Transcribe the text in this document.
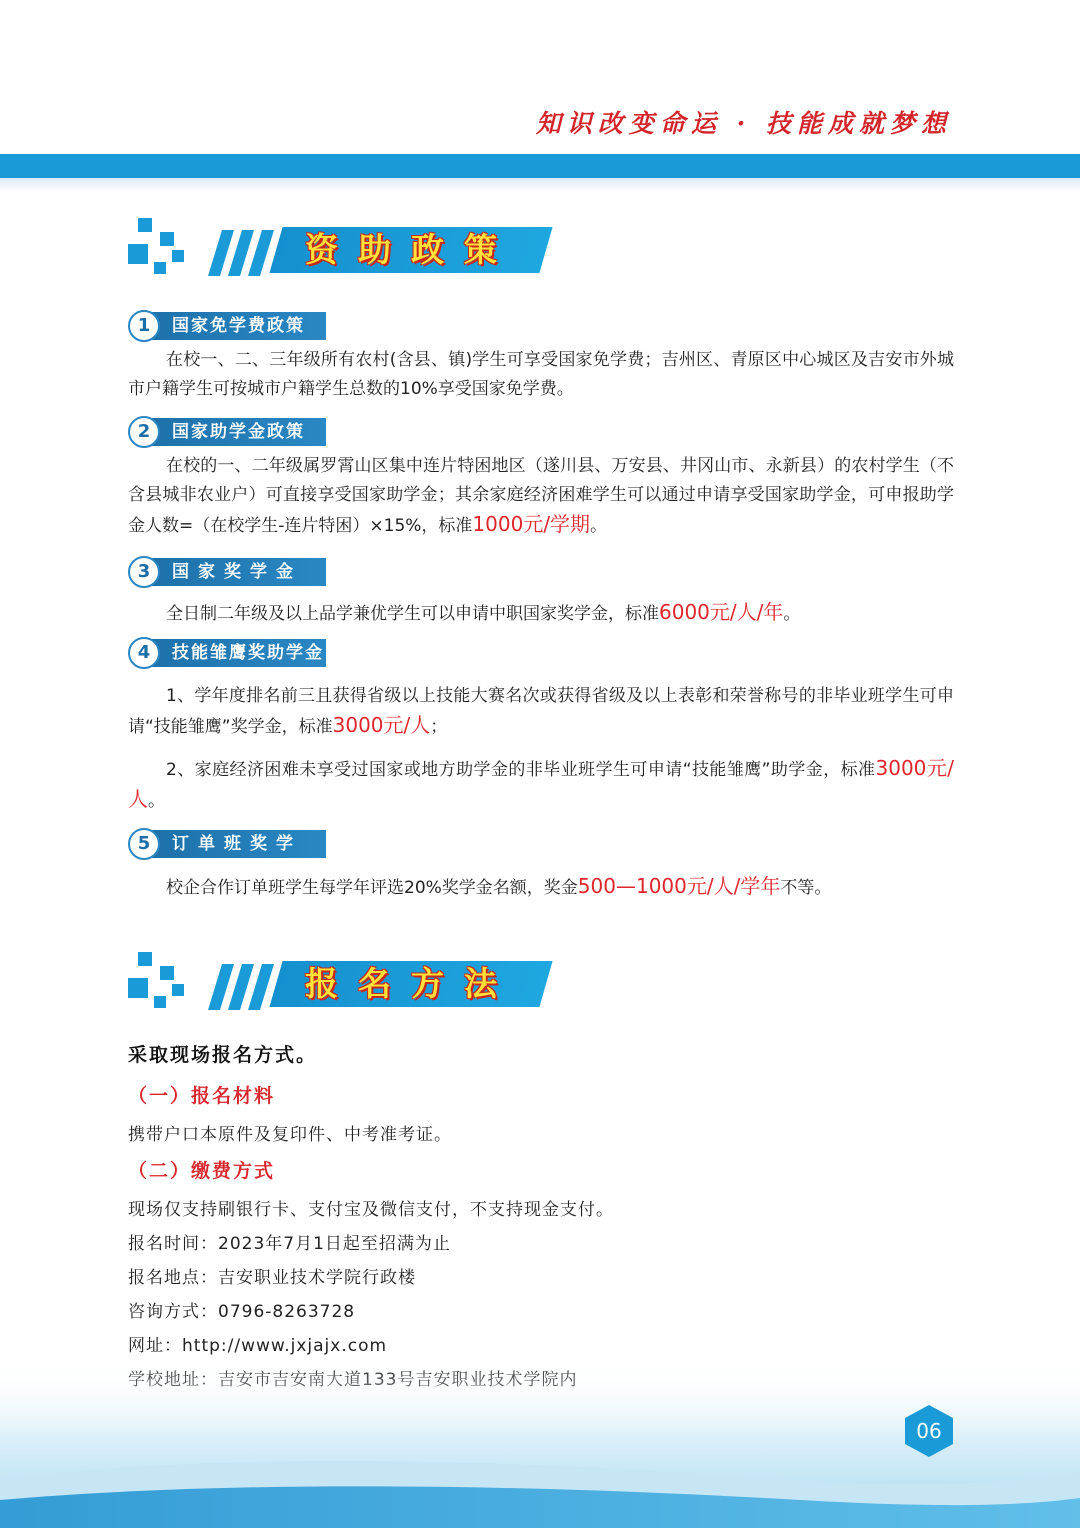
知识改变命运 · 技能成就梦想
资助政策
1	国家免学费政策
在校一、二、三年级所有农村(含县、镇)学生可享受国家免学费；吉州区、青原区中心城区及吉安市外城市户籍学生可按城市户籍学生总数的10%享受国家免学费。
2	国家助学金政策
在校的一、二年级属罗霄山区集中连片特困地区（遂川县、万安县、井冈山市、永新县）的农村学生（不含县城非农业户）可直接享受国家助学金；其余家庭经济困难学生可以通过申请享受国家助学金，可申报助学金人数=（在校学生-连片特困）×15%，标准1000元/学期。
3	国家奖学金
全日制二年级及以上品学兼优学生可以申请中职国家奖学金，标准6000元/人/年。
4	技能雏鹰奖助学金
1、学年度排名前三且获得省级以上技能大赛名次或获得省级及以上表彰和荣誉称号的非毕业班学生可申请“技能雏鹰”奖学金，标准3000元/人；
2、家庭经济困难未享受过国家或地方助学金的非毕业班学生可申请“技能雏鹰”助学金，标准3000元/人。
5	订单班奖学金
校企合作订单班学生每学年评选20%奖学金名额，奖金500—1000元/人/学年不等。
报名方法
采取现场报名方式。
（一）报名材料
携带户口本原件及复印件、中考准考证。
（二）缴费方式
现场仅支持刷银行卡、支付宝及微信支付，不支持现金支付。
报名时间：2023年7月1日起至招满为止
报名地点：吉安职业技术学院行政楼
咨询方式：0796-8263728
网址：http://www.jxjajx.com
06
